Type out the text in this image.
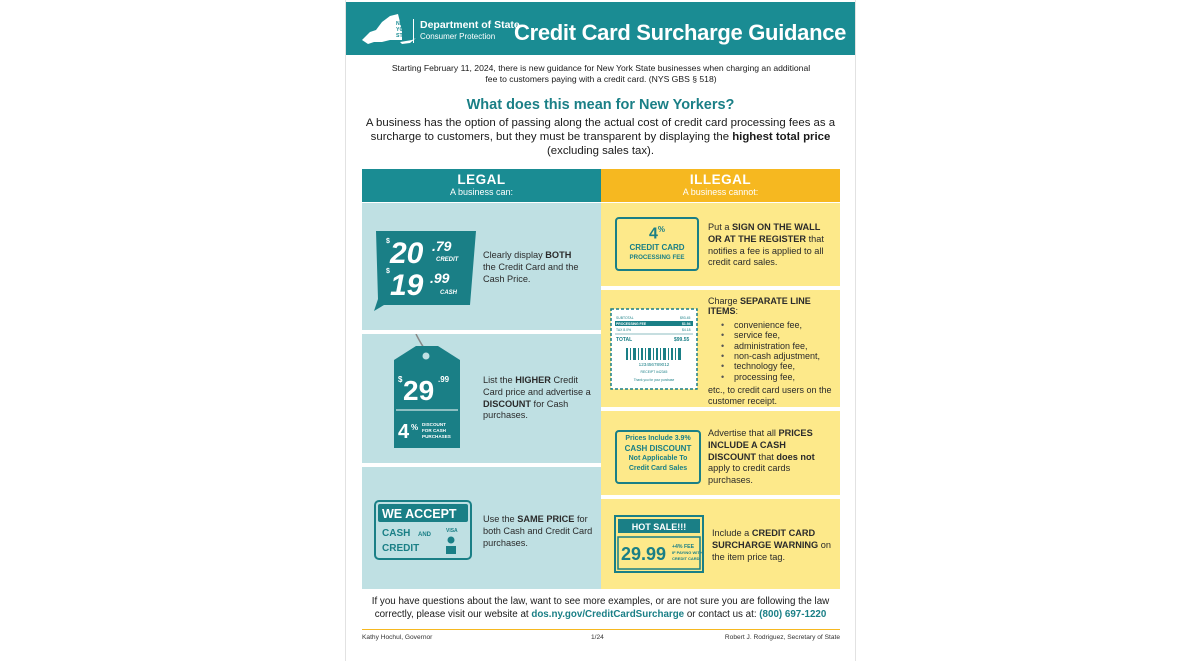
NEW
YORK
STATE
Department of State
Consumer Protection Credit Card Surcharge Guidance
Starting February 11, 2024, there is new guidance for New York State businesses when charging an additional fee to customers paying with a credit card. (NYS GBS § 518)
What does this mean for New Yorkers?
A business has the option of passing along the actual cost of credit card processing fees as a surcharge to customers, but they must be transparent by displaying the highest total price (excluding sales tax).
LEGAL
A business can:
ILLEGAL
A business cannot:
$ 20 .79
CREDIT
$ 19 .99
CASH
Clearly display BOTH the Credit Card and the Cash Price.
$ 29 .99
4 % DISCOUNT
FOR CASH
PURCHASES
List the HIGHER Credit Card price and advertise a DISCOUNT for Cash purchases.
WE ACCEPT
CASH AND
CREDIT
VISA
Use the SAME PRICE for both Cash and Credit Card purchases.
4%
CREDIT CARD
PROCESSING FEE
Put a SIGN ON THE WALL OR AT THE REGISTER that notifies a fee is applied to all credit card sales.
SUBTOTAL	$93.45
PROCESSING FEE	$1.94
TAX 8.0%	$4.18
TOTAL	$99.55
123456789012
RECEIPT #42345
Thank you for your purchase
Charge SEPARATE LINE ITEMS:
• convenience fee,
• service fee,
• administration fee,
• non-cash adjustment,
• technology fee,
• processing fee,
etc., to credit card users on the customer receipt.
Prices Include 3.9%
CASH DISCOUNT
Not Applicable To
Credit Card Sales
Advertise that all PRICES INCLUDE A CASH DISCOUNT that does not apply to credit cards purchases.
HOT SALE!!!
29.99 +4% FEE
IF PAYING WITH
CREDIT CARD
Include a CREDIT CARD SURCHARGE WARNING on the item price tag.
If you have questions about the law, want to see more examples, or are not sure you are following the law correctly, please visit our website at dos.ny.gov/CreditCardSurcharge or contact us at: (800) 697-1220
Kathy Hochul, Governor	1/24	Robert J. Rodriguez, Secretary of State
